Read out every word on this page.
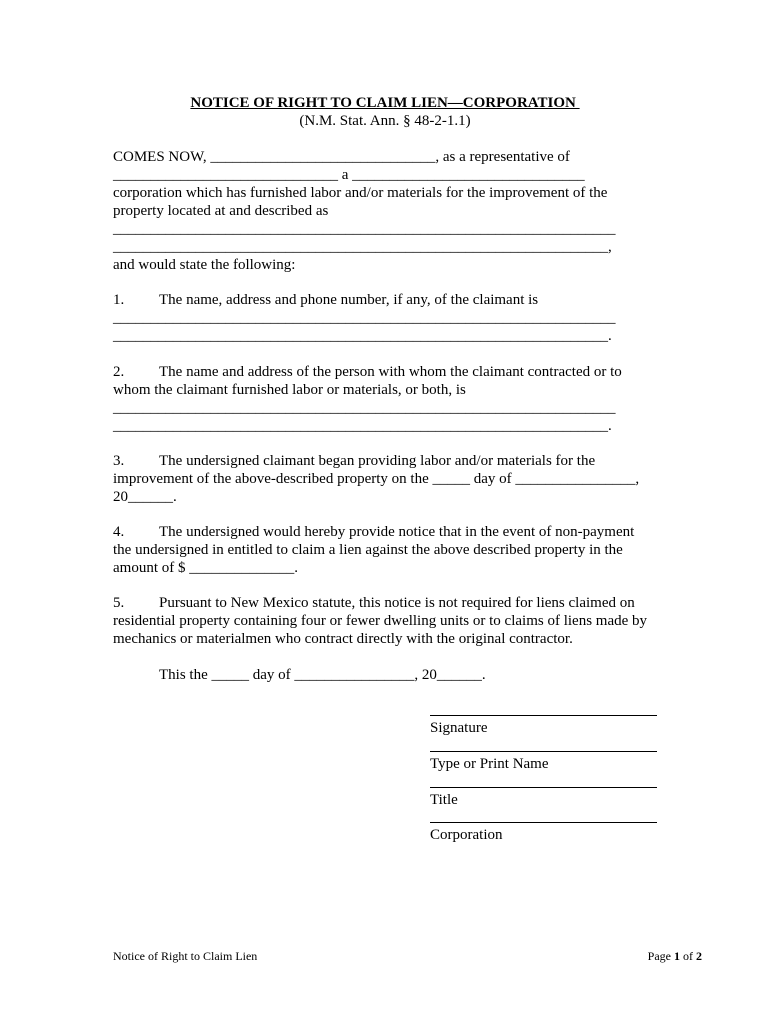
NOTICE OF RIGHT TO CLAIM LIEN—CORPORATION
(N.M. Stat. Ann. § 48-2-1.1)
COMES NOW, ______________________________, as a representative of
______________________________ a _______________________________
corporation which has furnished labor and/or materials for the improvement of the
property located at and described as
___________________________________________________________________
__________________________________________________________________,
and would state the following:
1. The name, address and phone number, if any, of the claimant is
___________________________________________________________________
__________________________________________________________________.
2. The name and address of the person with whom the claimant contracted or to
whom the claimant furnished labor or materials, or both, is
___________________________________________________________________
__________________________________________________________________.
3. The undersigned claimant began providing labor and/or materials for the
improvement of the above-described property on the _____ day of ________________,
20______.
4. The undersigned would hereby provide notice that in the event of non-payment
the undersigned in entitled to claim a lien against the above described property in the
amount of $ ______________.
5. Pursuant to New Mexico statute, this notice is not required for liens claimed on
residential property containing four or fewer dwelling units or to claims of liens made by
mechanics or materialmen who contract directly with the original contractor.
This the _____ day of ________________, 20______.
Signature
Type or Print Name
Title
Corporation
Notice of Right to Claim Lien	Page 1 of 2
